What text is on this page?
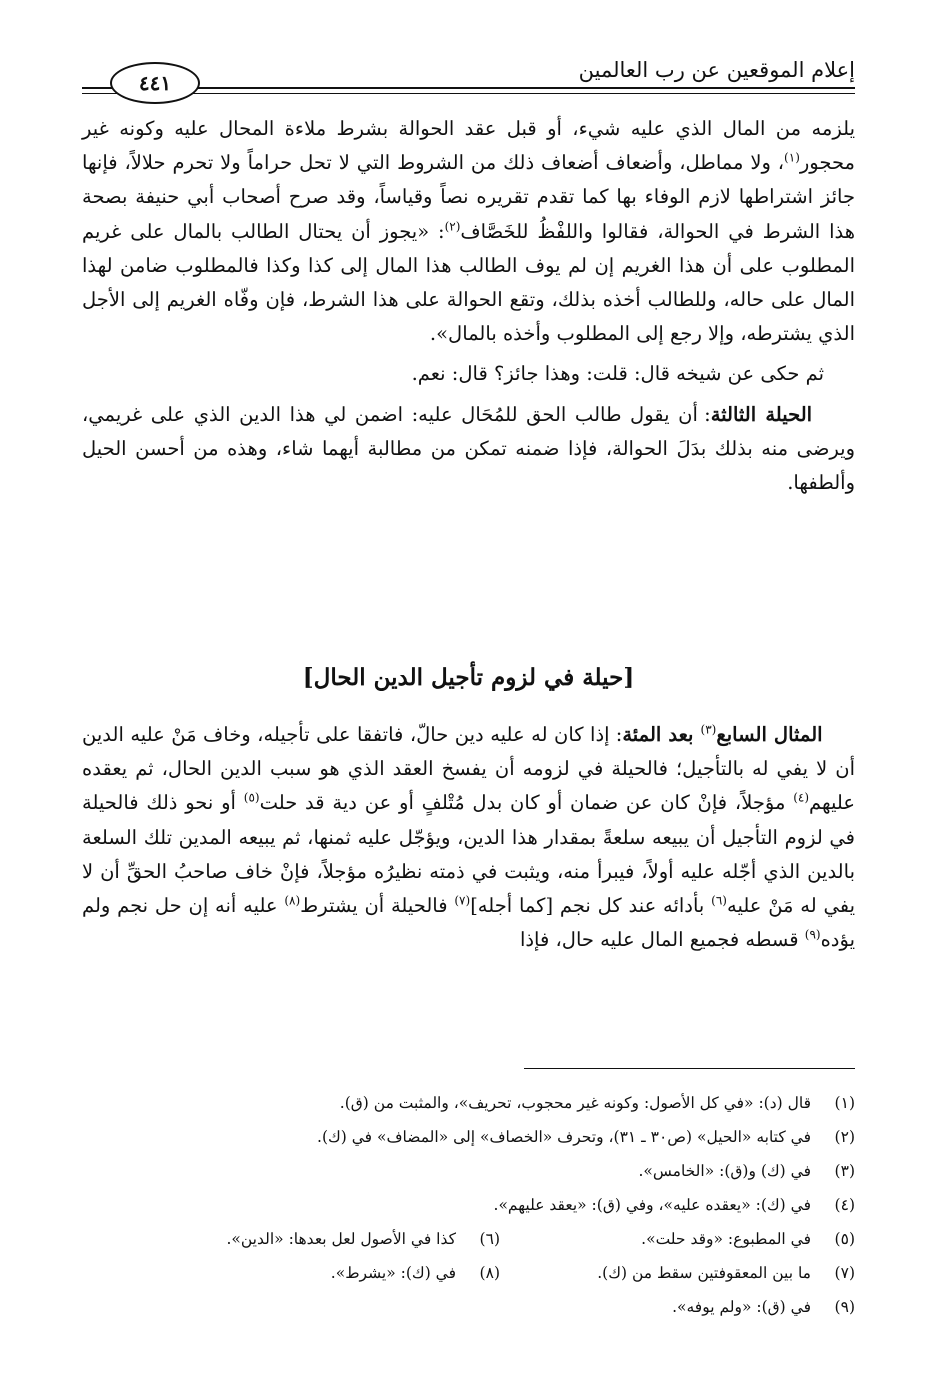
إعلام الموقعين عن رب العالمين
٤٤١

يلزمه من المال الذي عليه شيء، أو قبل عقد الحوالة بشرط ملاءة المحال عليه وكونه غير محجور$^{(١)}$، ولا مماطل، وأضعاف أضعاف ذلك من الشروط التي لا تحل حراماً ولا تحرم حلالاً، فإنها جائز اشتراطها لازم الوفاء بها كما تقدم تقريره نصاً وقياساً، وقد صرح أصحاب أبي حنيفة بصحة هذا الشرط في الحوالة، فقالوا واللفْظُ للخَصَّاف$^{(٢)}$: «يجوز أن يحتال الطالب بالمال على غريم المطلوب على أن هذا الغريم إن لم يوف الطالب هذا المال إلى كذا وكذا فالمطلوب ضامن لهذا المال على حاله، وللطالب أخذه بذلك، وتقع الحوالة على هذا الشرط، فإن وفّاه الغريم إلى الأجل الذي يشترطه، وإلا رجع إلى المطلوب وأخذه بالمال».

ثم حكى عن شيخه قال: قلت: وهذا جائز؟ قال: نعم.

الحيلة الثالثة: أن يقول طالب الحق للمُحَال عليه: اضمن لي هذا الدين الذي على غريمي، ويرضى منه بذلك بدَلَ الحوالة، فإذا ضمنه تمكن من مطالبة أيهما شاء، وهذه من أحسن الحيل وألطفها.

[حيلة في لزوم تأجيل الدين الحال]

المثال السابع$^{(٣)}$ بعد المئة: إذا كان له عليه دين حالّ، فاتفقا على تأجيله، وخاف مَنْ عليه الدين أن لا يفي له بالتأجيل؛ فالحيلة في لزومه أن يفسخ العقد الذي هو سبب الدين الحال، ثم يعقده عليهم$^{(٤)}$ مؤجلاً، فإنْ كان عن ضمان أو كان بدل مُتْلفٍ أو عن دية قد حلت$^{(٥)}$ أو نحو ذلك فالحيلة في لزوم التأجيل أن يبيعه سلعةً بمقدار هذا الدين، ويؤجّل عليه ثمنها، ثم يبيعه المدين تلك السلعة بالدين الذي أجّله عليه أولاً، فيبرأ منه، ويثبت في ذمته نظيرُه مؤجلاً، فإنْ خاف صاحبُ الحقِّ أن لا يفي له مَنْ عليه$^{(٦)}$ بأدائه عند كل نجم [كما أجله]$^{(٧)}$ فالحيلة أن يشترط$^{(٨)}$ عليه أنه إن حل نجم ولم يؤده$^{(٩)}$ قسطه فجميع المال عليه حال، فإذا

(١)
قال (د): «في كل الأصول: وكونه غير محجوب، تحريف»، والمثبت من (ق).
(٢)
في كتابه «الحيل» (ص٣٠ ـ ٣١)، وتحرف «الخصاف» إلى «المضاف» في (ك).
(٣)
في (ك) و(ق): «الخامس».
(٤)
في (ك): «يعقده عليه»، وفي (ق): «يعقد عليهم».
(٥)
في المطبوع: «وقد حلت».
(٦)
كذا في الأصول لعل بعدها: «الدين».
(٧)
ما بين المعقوفتين سقط من (ك).
(٨)
في (ك): «يشرط».
(٩)
في (ق): «ولم يوفه».
